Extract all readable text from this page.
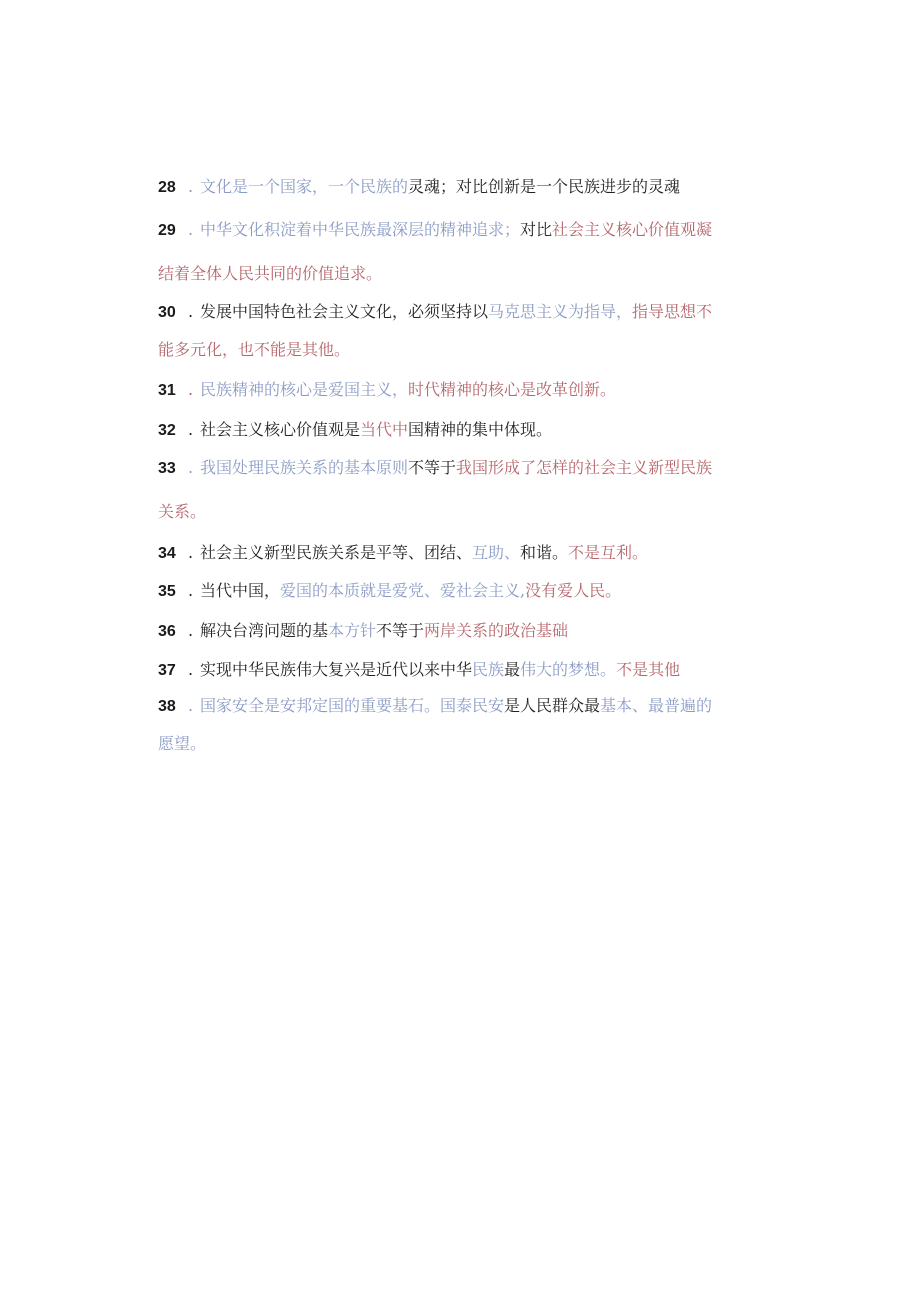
28 . 文化是一个国家，一个民族的灵魂；对比创新是一个民族进步的灵魂
29 . 中华文化积淀着中华民族最深层的精神追求；对比社会主义核心价值观凝
结着全体人民共同的价值追求。
30 . 发展中国特色社会主义文化，必须坚持以马克思主义为指导，指导思想不
能多元化，也不能是其他。
31 . 民族精神的核心是爱国主义，时代精神的核心是改革创新。
32 . 社会主义核心价值观是当代中国精神的集中体现。
33 . 我国处理民族关系的基本原则不等于我国形成了怎样的社会主义新型民族
关系。
34 . 社会主义新型民族关系是平等、团结、互助、和谐。不是互利。
35 . 当代中国，爱国的本质就是爱党、爱社会主义,没有爱人民。
36 . 解决台湾问题的基本方针不等于两岸关系的政治基础
37 . 实现中华民族伟大复兴是近代以来中华民族最伟大的梦想。不是其他
38 . 国家安全是安邦定国的重要基石。国泰民安是人民群众最基本、最普遍的
愿望。
